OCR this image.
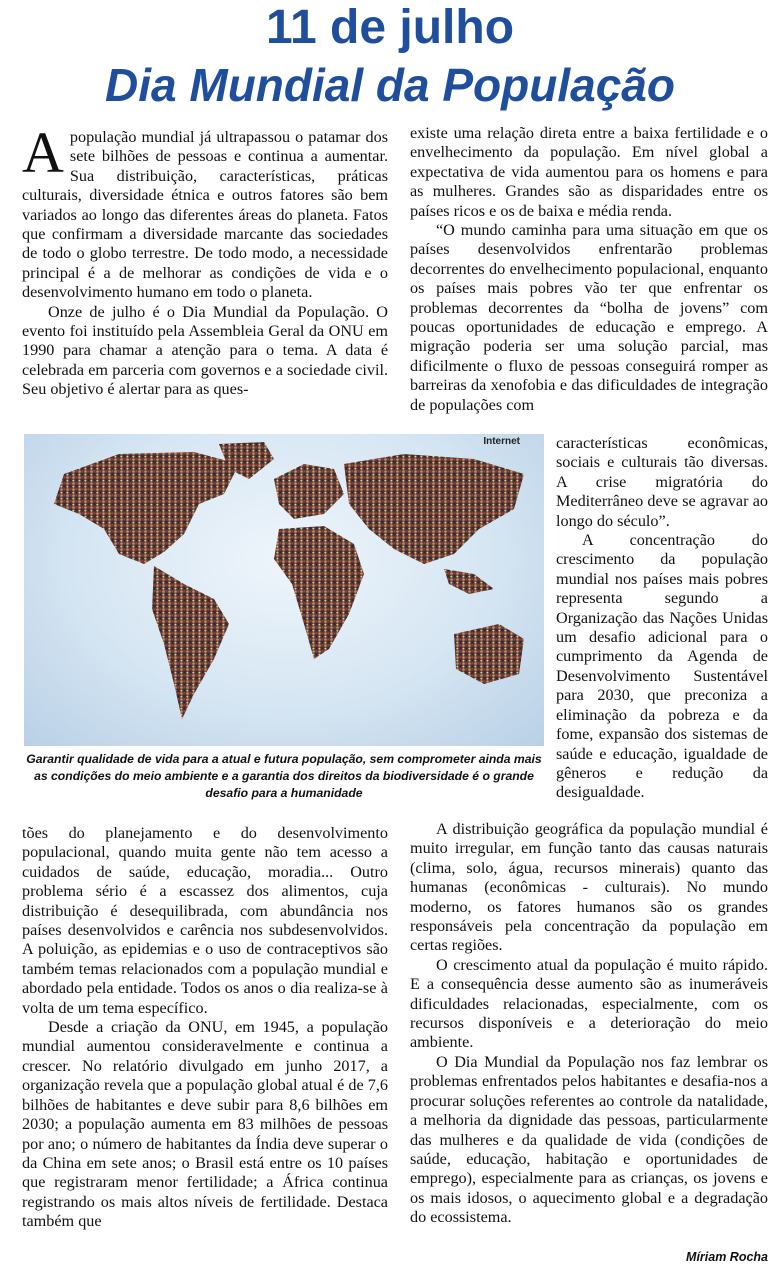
11 de julho
Dia Mundial da População

Apopulação mundial já ultrapassou o patamar dos sete bilhões de pessoas e continua a aumentar. Sua distribuição, características, práticas culturais, diversidade étnica e outros fatores são bem variados ao longo das diferentes áreas do planeta. Fatos que confirmam a diversidade marcante das sociedades de todo o globo terrestre. De todo modo, a necessidade principal é a de melhorar as condições de vida e o desenvolvimento humano em todo o planeta.

Onze de julho é o Dia Mundial da População. O evento foi instituído pela Assembleia Geral da ONU em 1990 para chamar a atenção para o tema. A data é celebrada em parceria com governos e a sociedade civil. Seu objetivo é alertar para as ques-

existe uma relação direta entre a baixa fertilidade e o envelhecimento da população. Em nível global a expectativa de vida aumentou para os homens e para as mulheres. Grandes são as disparidades entre os países ricos e os de baixa e média renda.

“O mundo caminha para uma situação em que os países desenvolvidos enfrentarão problemas decorrentes do envelhecimento populacional, enquanto os países mais pobres vão ter que enfrentar os problemas decorrentes da “bolha de jovens” com poucas oportunidades de educação e emprego. A migração poderia ser uma solução parcial, mas dificilmente o fluxo de pessoas conseguirá romper as barreiras da xenofobia e das dificuldades de integração de populações com

Internet
Garantir qualidade de vida para a atual e futura população, sem comprometer ainda mais as condições do meio ambiente e a garantia dos direitos da biodiversidade é o grande desafio para a humanidade

características econômicas, sociais e culturais tão diversas. A crise migratória do Mediterrâneo deve se agravar ao longo do século”.

A concentração do crescimento da população mundial nos países mais pobres representa segundo a Organização das Nações Unidas um desafio adicional para o cumprimento da Agenda de Desenvolvimento Sustentável para 2030, que preconiza a eliminação da pobreza e da fome, expansão dos sistemas de saúde e educação, igualdade de gêneros e redução da desigualdade.

tões do planejamento e do desenvolvimento populacional, quando muita gente não tem acesso a cuidados de saúde, educação, moradia... Outro problema sério é a escassez dos alimentos, cuja distribuição é desequilibrada, com abundância nos países desenvolvidos e carência nos subdesenvolvidos. A poluição, as epidemias e o uso de contraceptivos são também temas relacionados com a população mundial e abordado pela entidade. Todos os anos o dia realiza-se à volta de um tema específico.

Desde a criação da ONU, em 1945, a população mundial aumentou consideravelmente e continua a crescer. No relatório divulgado em junho 2017, a organização revela que a população global atual é de 7,6 bilhões de habitantes e deve subir para 8,6 bilhões em 2030; a população aumenta em 83 milhões de pessoas por ano; o número de habitantes da Índia deve superar o da China em sete anos; o Brasil está entre os 10 países que registraram menor fertilidade; a África continua registrando os mais altos níveis de fertilidade. Destaca também que

A distribuição geográfica da população mundial é muito irregular, em função tanto das causas naturais (clima, solo, água, recursos minerais) quanto das humanas (econômicas - culturais). No mundo moderno, os fatores humanos são os grandes responsáveis pela concentração da população em certas regiões.

O crescimento atual da população é muito rápido. E a consequência desse aumento são as inumeráveis dificuldades relacionadas, especialmente, com os recursos disponíveis e a deterioração do meio ambiente.

O Dia Mundial da População nos faz lembrar os problemas enfrentados pelos habitantes e desafia-nos a procurar soluções referentes ao controle da natalidade, a melhoria da dignidade das pessoas, particularmente das mulheres e da qualidade de vida (condições de saúde, educação, habitação e oportunidades de emprego), especialmente para as crianças, os jovens e os mais idosos, o aquecimento global e a degradação do ecossistema.

Míriam Rocha
